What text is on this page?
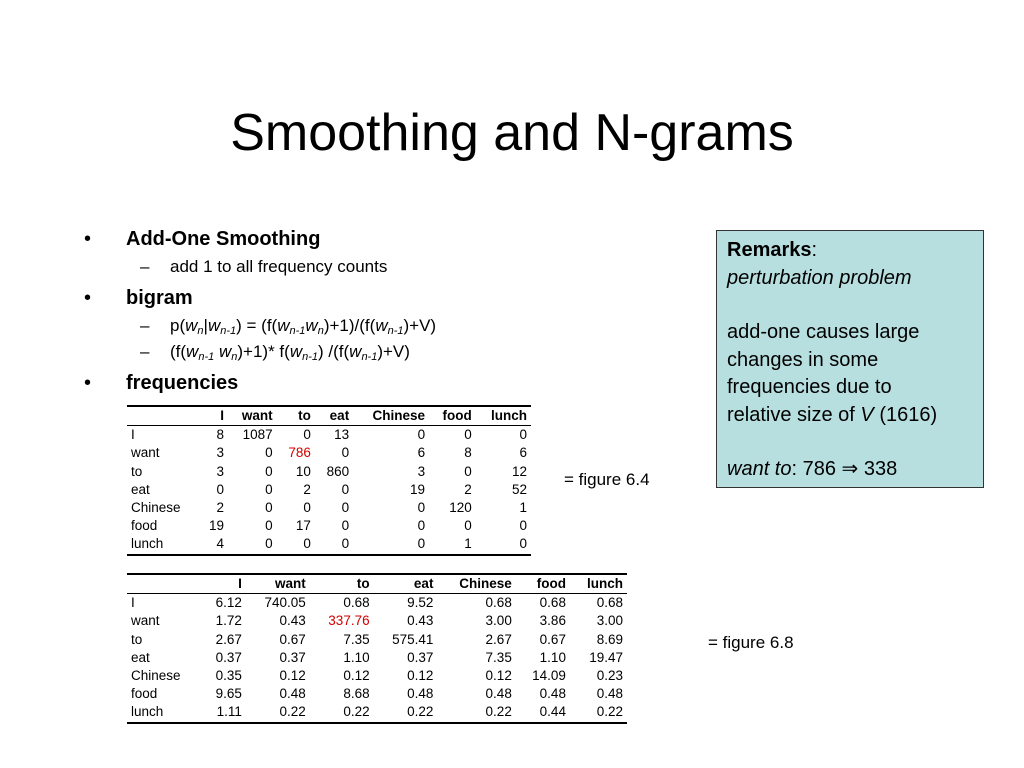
Smoothing and N-grams
• Add-One Smoothing
– add 1 to all frequency counts
• bigram
– $p(w_n|w_{n-1}) = (f(w_{n-1}w_n)+1)/(f(w_{n-1})+V)$
– ($f(w_{n-1}$ $w_n)+1)*$ $f(w_{n-1})$ $/(f(w_{n-1})+V)$
• frequencies

Remarks:

perturbation problem

add-one causes large

changes in some

frequencies due to

relative size of V (1616)

want to: 786 ⇒ 338

	I	want	to	eat	Chinese	food	lunch
I	8	1087	0	13	0	0	0
want	3	0	786	0	6	8	6
to	3	0	10	860	3	0	12
eat	0	0	2	0	19	2	52
Chinese	2	0	0	0	0	120	1
food	19	0	17	0	0	0	0
lunch	4	0	0	0	0	1	0
= figure 6.4
	I	want	to	eat	Chinese	food	lunch
I	6.12	740.05	0.68	9.52	0.68	0.68	0.68
want	1.72	0.43	337.76	0.43	3.00	3.86	3.00
to	2.67	0.67	7.35	575.41	2.67	0.67	8.69
eat	0.37	0.37	1.10	0.37	7.35	1.10	19.47
Chinese	0.35	0.12	0.12	0.12	0.12	14.09	0.23
food	9.65	0.48	8.68	0.48	0.48	0.48	0.48
lunch	1.11	0.22	0.22	0.22	0.22	0.44	0.22
= figure 6.8
